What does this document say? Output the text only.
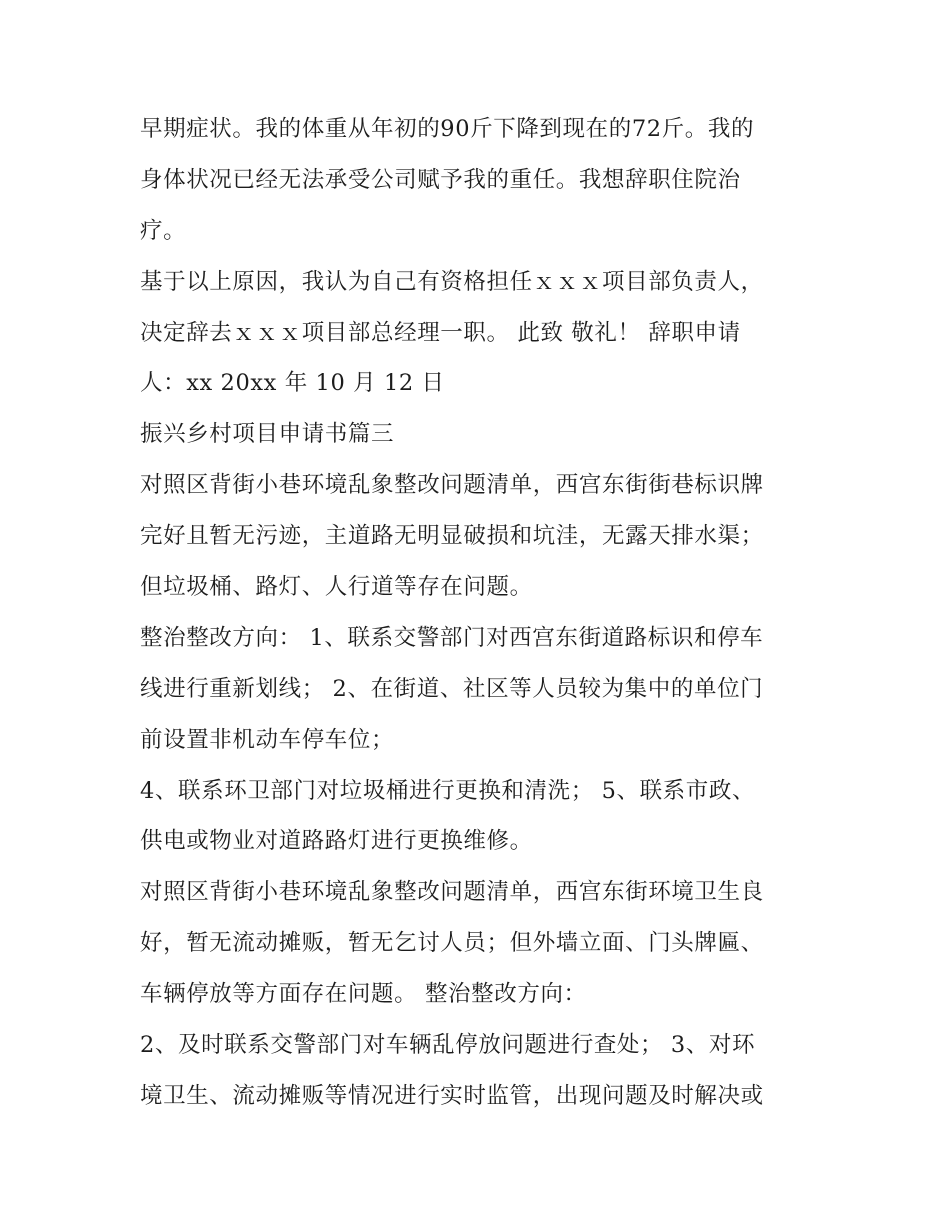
早期症状。我的体重从年初的90斤下降到现在的72斤。我的
身体状况已经无法承受公司赋予我的重任。我想辞职住院治
疗。
基于以上原因，我认为自己有资格担任ｘｘｘ项目部负责人，
决定辞去ｘｘｘ项目部总经理一职。 此致 敬礼！ 辞职申请
人：xx 20xx 年 10 月 12 日
振兴乡村项目申请书篇三
对照区背街小巷环境乱象整改问题清单，西宫东街街巷标识牌
完好且暂无污迹，主道路无明显破损和坑洼，无露天排水渠；
但垃圾桶、路灯、人行道等存在问题。
整治整改方向： 1、联系交警部门对西宫东街道路标识和停车
线进行重新划线； 2、在街道、社区等人员较为集中的单位门
前设置非机动车停车位；
4、联系环卫部门对垃圾桶进行更换和清洗； 5、联系市政、
供电或物业对道路路灯进行更换维修。
对照区背街小巷环境乱象整改问题清单，西宫东街环境卫生良
好，暂无流动摊贩，暂无乞讨人员；但外墙立面、门头牌匾、
车辆停放等方面存在问题。 整治整改方向：
2、及时联系交警部门对车辆乱停放问题进行查处； 3、对环
境卫生、流动摊贩等情况进行实时监管，出现问题及时解决或
